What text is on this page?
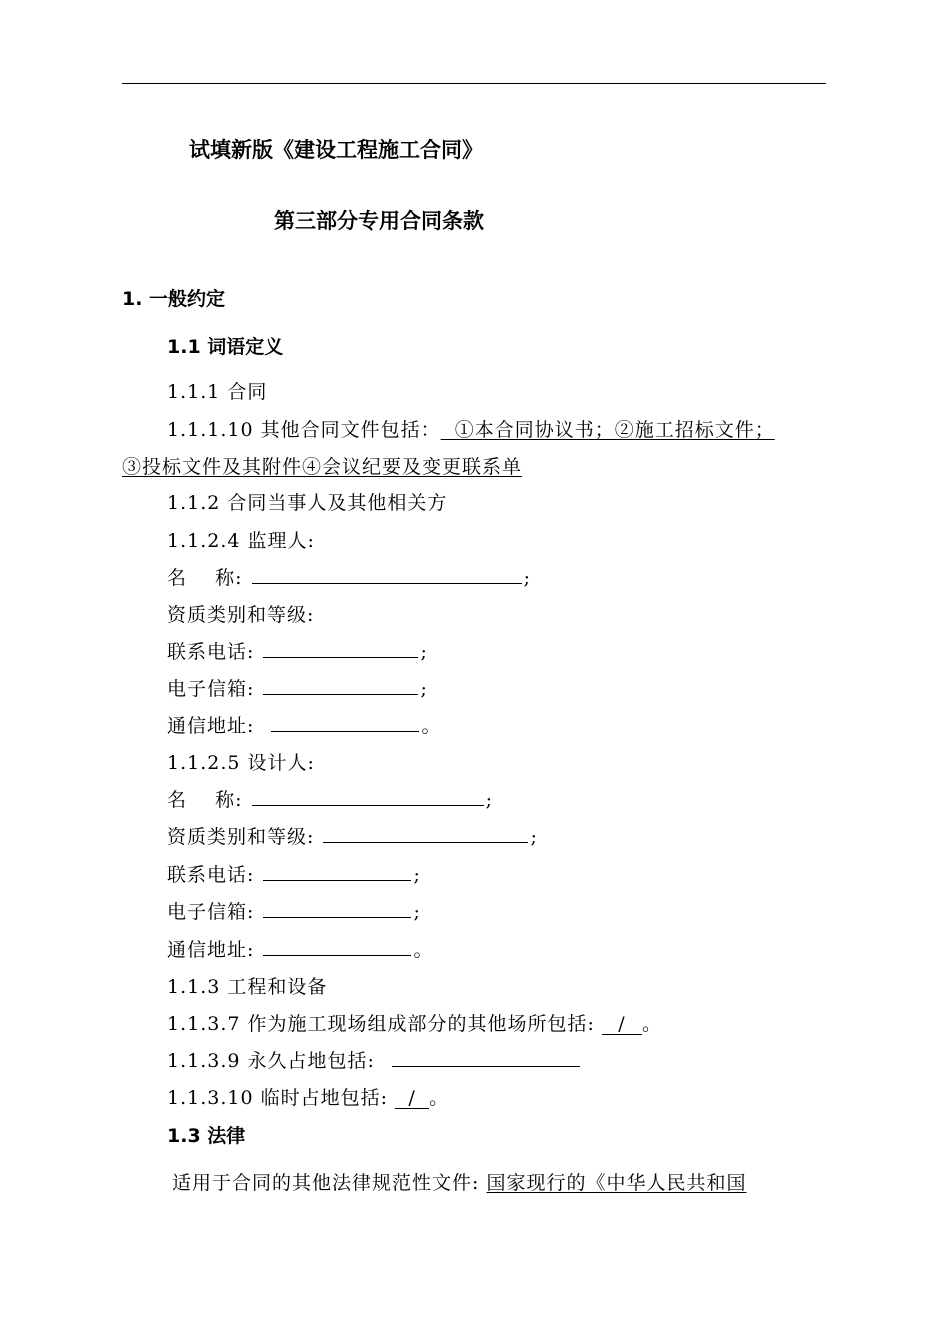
试填新版《建设工程施工合同》
第三部分专用合同条款
1. 一般约定
1.1 词语定义
1.1.1 合同
1.1.1.10 其他合同文件包括：  ①本合同协议书；②施工招标文件；
③投标文件及其附件④会议纪要及变更联系单
1.1.2 合同当事人及其他相关方
1.1.2.4 监理人:
名    称:	;
资质类别和等级:
联系电话:	;
电子信箱:	;
通信地址:	。
1.1.2.5 设计人:
名    称:	;
资质类别和等级:	;
联系电话:	;
电子信箱:	;
通信地址:	。
1.1.3 工程和设备
1.1.3.7 作为施工现场组成部分的其他场所包括: / 。
1.1.3.9 永久占地包括:
1.1.3.10 临时占地包括: / 。
1.3 法律
适用于合同的其他法律规范性文件: 国家现行的《中华人民共和国
